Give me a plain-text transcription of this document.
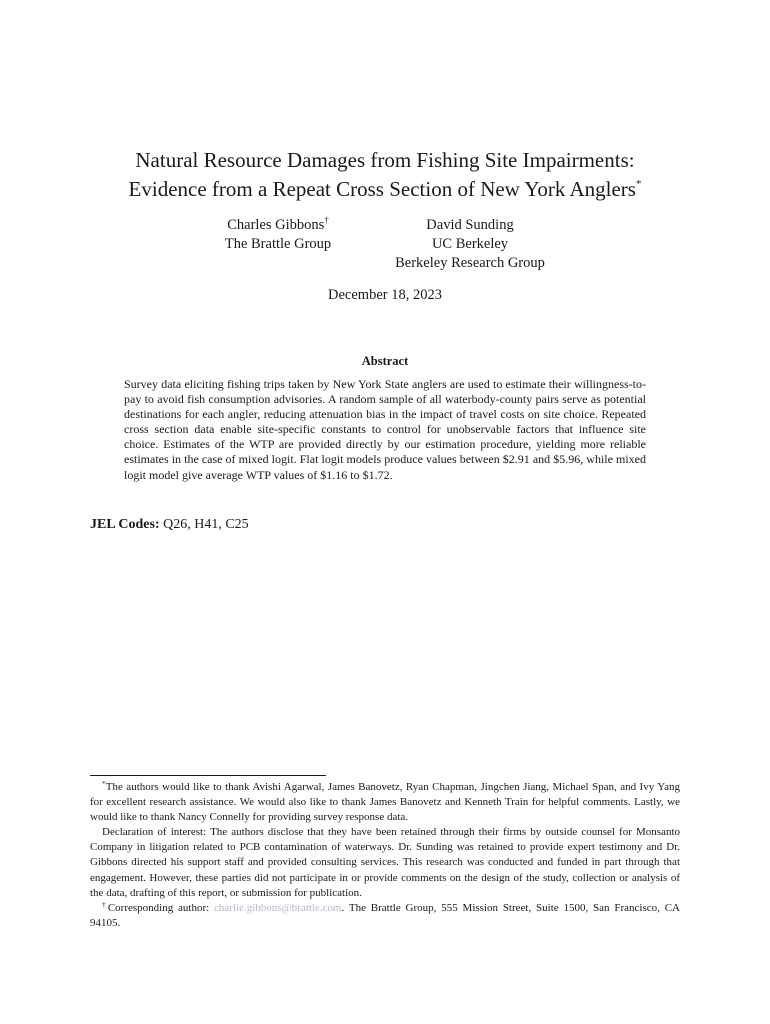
Natural Resource Damages from Fishing Site Impairments:
Evidence from a Repeat Cross Section of New York Anglers*
Charles Gibbons†
The Brattle Group
David Sunding
UC Berkeley
Berkeley Research Group
December 18, 2023
Abstract

Survey data eliciting fishing trips taken by New York State anglers are used to estimate their willingness-to-pay to avoid fish consumption advisories. A random sample of all waterbody-county pairs serve as potential destinations for each angler, reducing attenuation bias in the impact of travel costs on site choice. Repeated cross section data enable site-specific constants to control for unobservable factors that influence site choice. Estimates of the WTP are provided directly by our estimation procedure, yielding more reliable estimates in the case of mixed logit. Flat logit models produce values between $2.91 and $5.96, while mixed logit model give average WTP values of $1.16 to $1.72.

JEL Codes: Q26, H41, C25

*The authors would like to thank Avishi Agarwal, James Banovetz, Ryan Chapman, Jingchen Jiang, Michael Span, and Ivy Yang for excellent research assistance. We would also like to thank James Banovetz and Kenneth Train for helpful comments. Lastly, we would like to thank Nancy Connelly for providing survey response data.

Declaration of interest: The authors disclose that they have been retained through their firms by outside counsel for Monsanto Company in litigation related to PCB contamination of waterways. Dr. Sunding was retained to provide expert testimony and Dr. Gibbons directed his support staff and provided consulting services. This research was conducted and funded in part through that engagement. However, these parties did not participate in or provide comments on the design of the study, collection or analysis of the data, drafting of this report, or submission for publication.

†Corresponding author: charlie.gibbons@brattle.com. The Brattle Group, 555 Mission Street, Suite 1500, San Francisco, CA 94105.
